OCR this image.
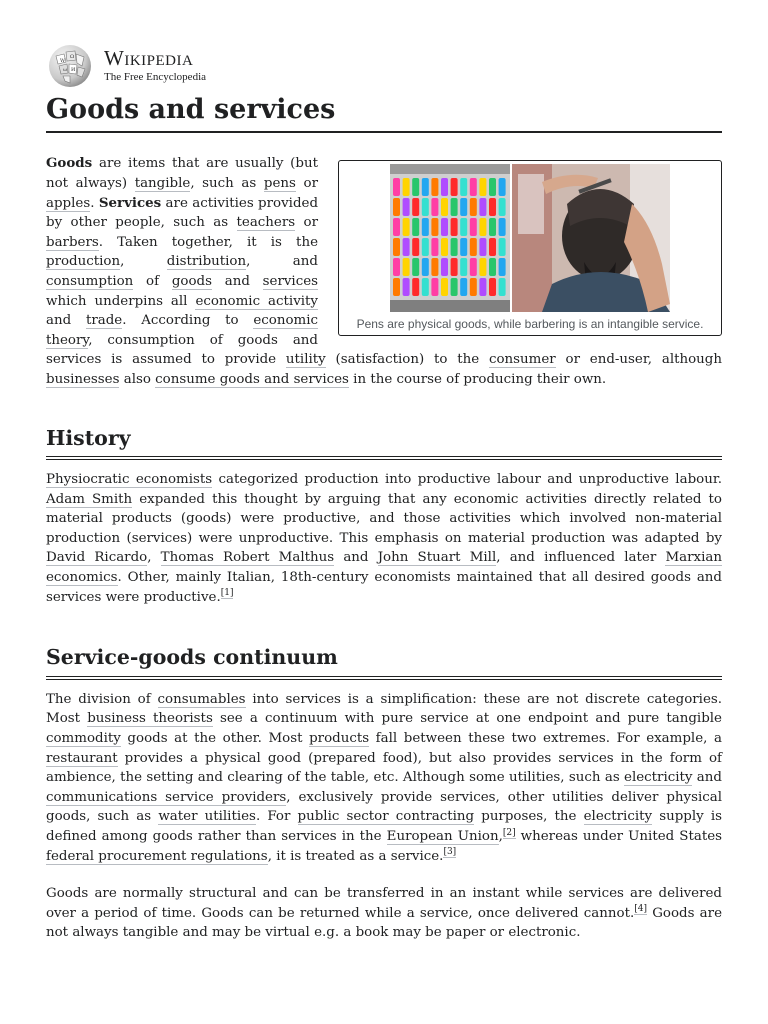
W
Ω
И
ω
Wikipedia
The Free Encyclopedia
Goods and services
Pens are physical goods, while barbering is an intangible service.

Goods are items that are usually (but not always) tangible, such as pens or apples. Services are activities provided by other people, such as teachers or barbers. Taken together, it is the production, distribution, and consumption of goods and services which underpins all economic activity and trade. According to economic theory, consumption of goods and services is assumed to provide utility (satisfaction) to the consumer or end-user, although businesses also consume goods and services in the course of producing their own.

History

Physiocratic economists categorized production into productive labour and unproductive labour. Adam Smith expanded this thought by arguing that any economic activities directly related to material products (goods) were productive, and those activities which involved non-material production (services) were unproductive. This emphasis on material production was adapted by David Ricardo, Thomas Robert Malthus and John Stuart Mill, and influenced later Marxian economics. Other, mainly Italian, 18th-century economists maintained that all desired goods and services were productive.[1]

Service-goods continuum

The division of consumables into services is a simplification: these are not discrete categories. Most business theorists see a continuum with pure service at one endpoint and pure tangible commodity goods at the other. Most products fall between these two extremes. For example, a restaurant provides a physical good (prepared food), but also provides services in the form of ambience, the setting and clearing of the table, etc. Although some utilities, such as electricity and communications service providers, exclusively provide services, other utilities deliver physical goods, such as water utilities. For public sector contracting purposes, the electricity supply is defined among goods rather than services in the European Union,[2] whereas under United States federal procurement regulations, it is treated as a service.[3]

Goods are normally structural and can be transferred in an instant while services are delivered over a period of time. Goods can be returned while a service, once delivered cannot.[4] Goods are not always tangible and may be virtual e.g. a book may be paper or electronic.
